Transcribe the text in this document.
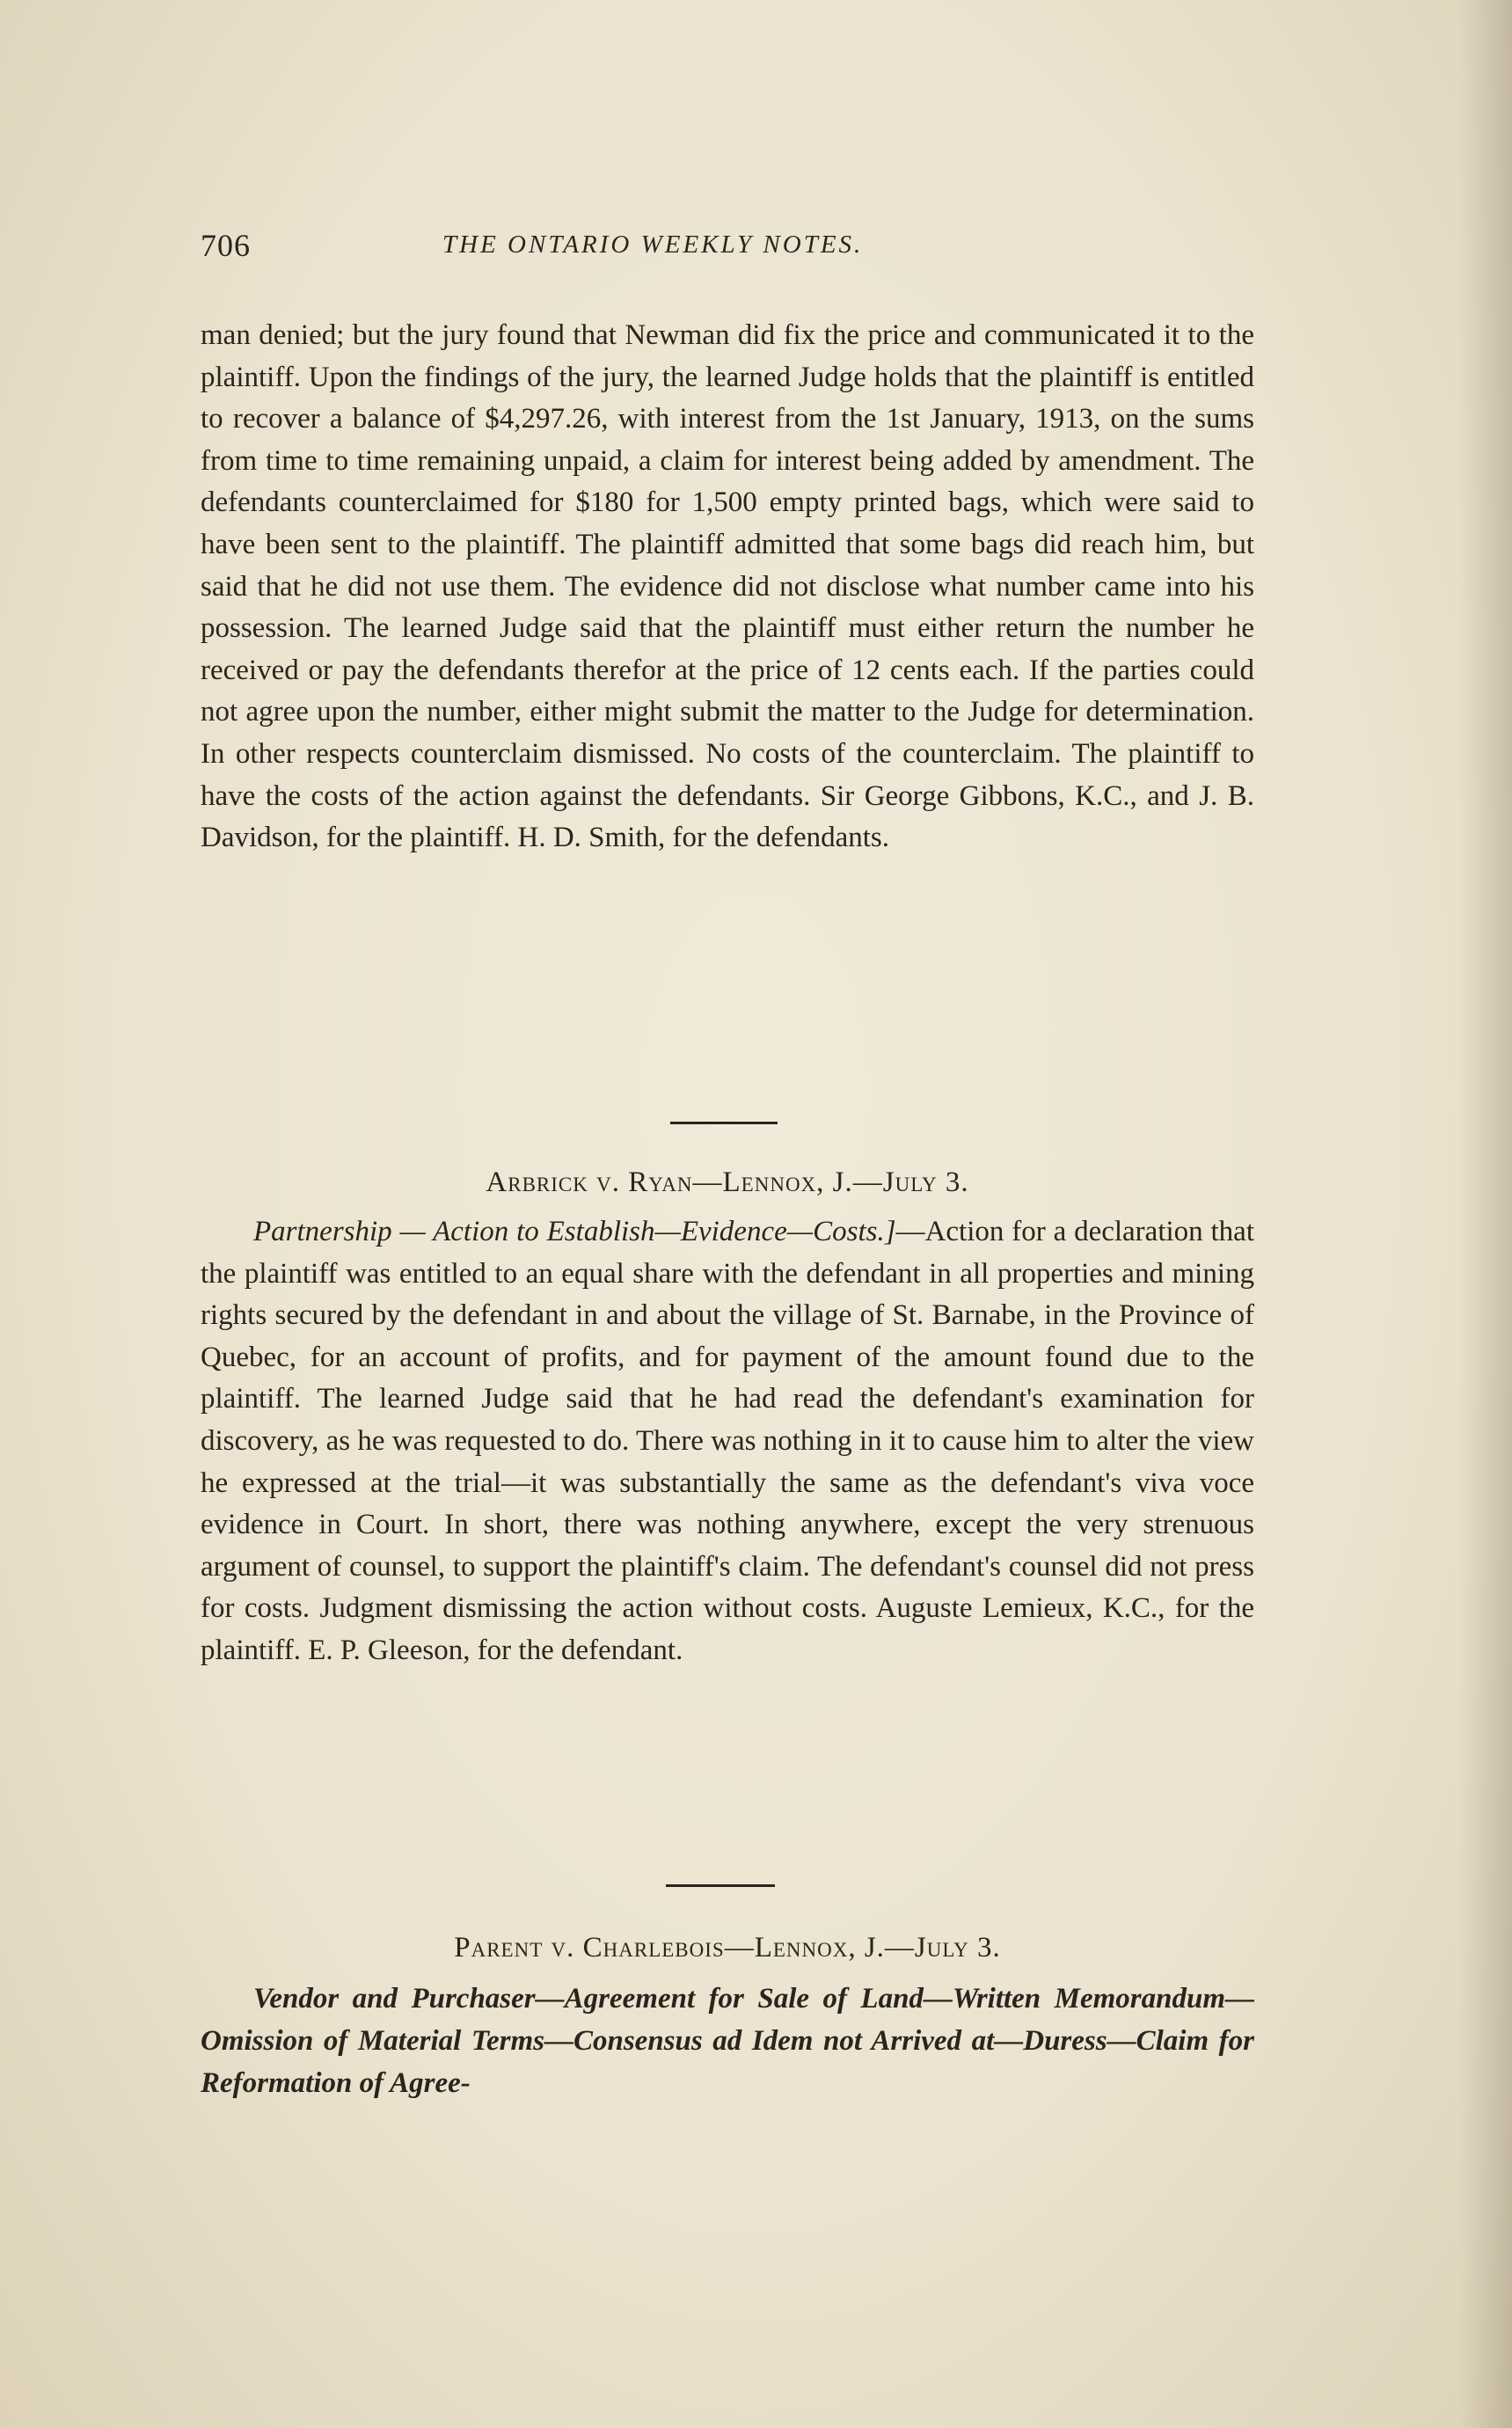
706	THE ONTARIO WEEKLY NOTES.
man denied; but the jury found that Newman did fix the price and communicated it to the plaintiff. Upon the findings of the jury, the learned Judge holds that the plaintiff is entitled to recover a balance of $4,297.26, with interest from the 1st January, 1913, on the sums from time to time remaining unpaid, a claim for interest being added by amendment. The defendants counterclaimed for $180 for 1,500 empty printed bags, which were said to have been sent to the plaintiff. The plaintiff admitted that some bags did reach him, but said that he did not use them. The evidence did not disclose what number came into his possession. The learned Judge said that the plaintiff must either return the number he received or pay the defendants therefor at the price of 12 cents each. If the parties could not agree upon the number, either might submit the matter to the Judge for determination. In other respects counterclaim dismissed. No costs of the counterclaim. The plaintiff to have the costs of the action against the defendants. Sir George Gibbons, K.C., and J. B. Davidson, for the plaintiff. H. D. Smith, for the defendants.
Arbrick v. Ryan—Lennox, J.—July 3.
Partnership — Action to Establish—Evidence—Costs.]—Action for a declaration that the plaintiff was entitled to an equal share with the defendant in all properties and mining rights secured by the defendant in and about the village of St. Barnabe, in the Province of Quebec, for an account of profits, and for payment of the amount found due to the plaintiff. The learned Judge said that he had read the defendant's examination for discovery, as he was requested to do. There was nothing in it to cause him to alter the view he expressed at the trial—it was substantially the same as the defendant's viva voce evidence in Court. In short, there was nothing anywhere, except the very strenuous argument of counsel, to support the plaintiff's claim. The defendant's counsel did not press for costs. Judgment dismissing the action without costs. Auguste Lemieux, K.C., for the plaintiff. E. P. Gleeson, for the defendant.
Parent v. Charlebois—Lennox, J.—July 3.
Vendor and Purchaser—Agreement for Sale of Land—Written Memorandum—Omission of Material Terms—Consensus ad Idem not Arrived at—Duress—Claim for Reformation of Agree-
